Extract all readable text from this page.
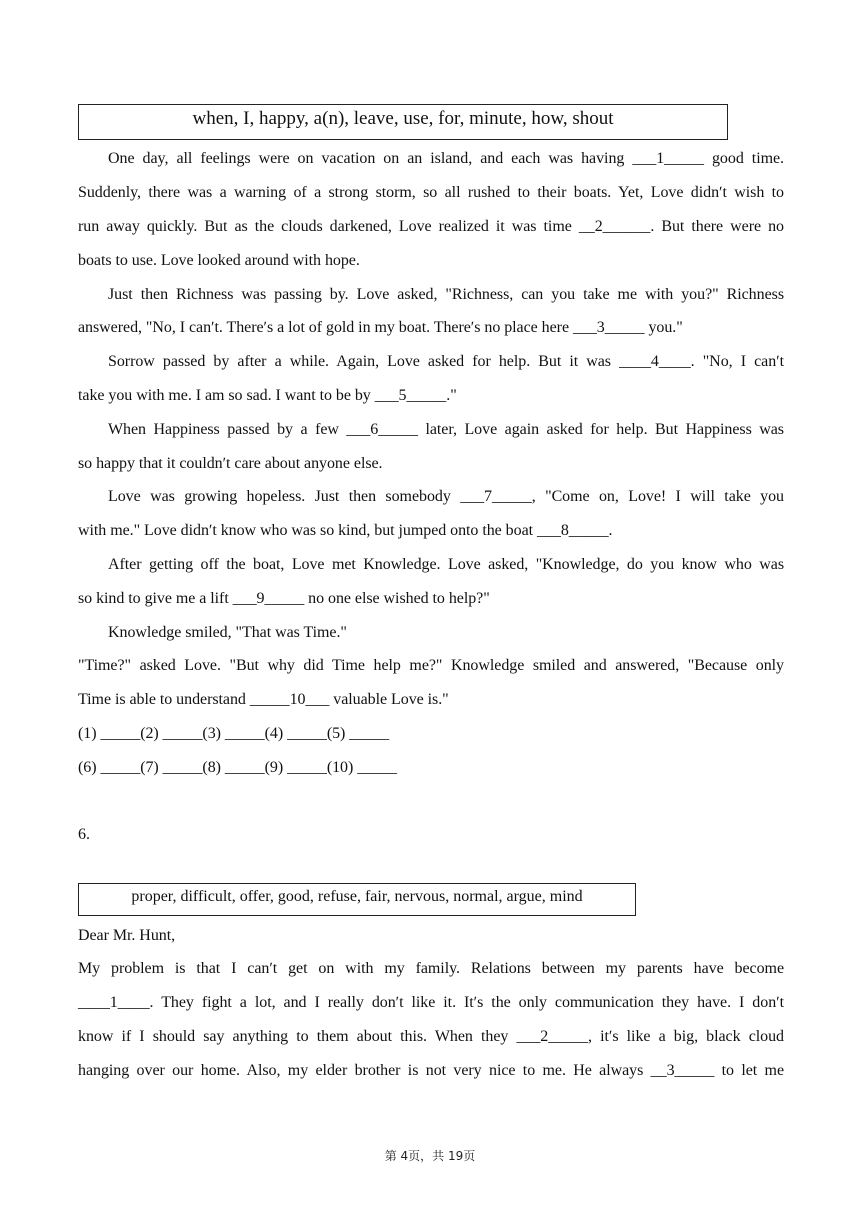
when, I, happy, a(n), leave, use, for, minute, how, shout
One day, all feelings were on vacation on an island, and each was having ___1_____ good time.
Suddenly, there was a warning of a strong storm, so all rushed to their boats. Yet, Love didnʹt wish to
run away quickly. But as the clouds darkened, Love realized it was time __2______. But there were no
boats to use. Love looked around with hope.
Just then Richness was passing by. Love asked, "Richness, can you take me with you?" Richness
answered, "No, I canʹt. Thereʹs a lot of gold in my boat. Thereʹs no place here ___3_____ you."
Sorrow passed by after a while. Again, Love asked for help. But it was ____4____. "No, I canʹt
take you with me. I am so sad. I want to be by ___5_____."
When Happiness passed by a few ___6_____ later, Love again asked for help. But Happiness was
so happy that it couldnʹt care about anyone else.
Love was growing hopeless. Just then somebody ___7_____, "Come on, Love! I will take you
with me." Love didnʹt know who was so kind, but jumped onto the boat ___8_____.
After getting off the boat, Love met Knowledge. Love asked, "Knowledge, do you know who was
so kind to give me a lift ___9_____ no one else wished to help?"
Knowledge smiled, "That was Time."
"Time?" asked Love. "But why did Time help me?" Knowledge smiled and answered, "Because only
Time is able to understand _____10___ valuable Love is."
(1) _____(2) _____(3) _____(4) _____(5) _____
(6) _____(7) _____(8) _____(9) _____(10) _____
6.
proper, difficult, offer, good, refuse, fair, nervous, normal, argue, mind
Dear Mr. Hunt,
My problem is that I canʹt get on with my family. Relations between my parents have become
____1____. They fight a lot, and I really donʹt like it. Itʹs the only communication they have. I donʹt
know if I should say anything to them about this. When they ___2_____, itʹs like a big, black cloud
hanging over our home. Also, my elder brother is not very nice to me. He always __3_____ to let me
第 4页，共 19页
